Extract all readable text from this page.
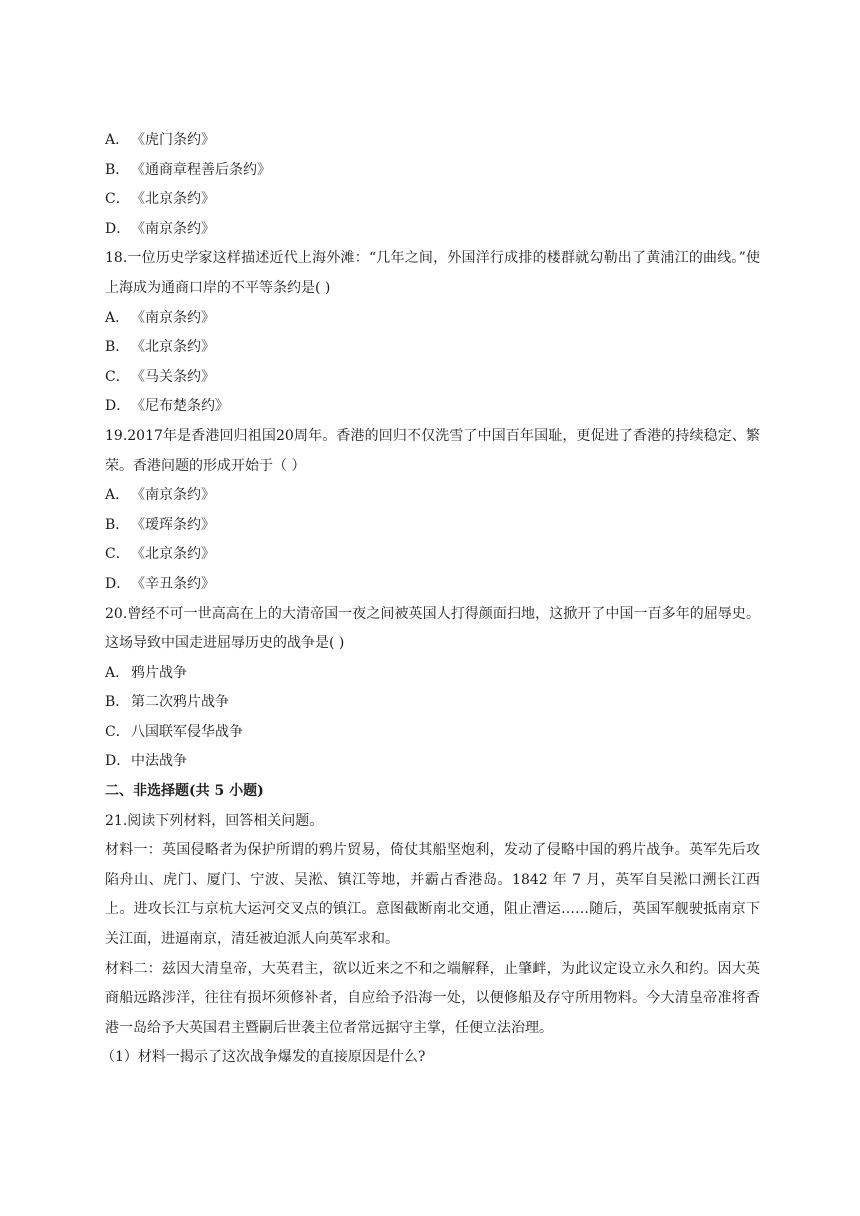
A． 《虎门条约》
B． 《通商章程善后条约》
C． 《北京条约》
D． 《南京条约》
18.一位历史学家这样描述近代上海外滩：“几年之间，外国洋行成排的楼群就勾勒出了黄浦江的曲线。”使上海成为通商口岸的不平等条约是( )
A． 《南京条约》
B． 《北京条约》
C． 《马关条约》
D． 《尼布楚条约》
19.2017年是香港回归祖国20周年。香港的回归不仅洗雪了中国百年国耻，更促进了香港的持续稳定、繁荣。香港问题的形成开始于（ ）
A． 《南京条约》
B． 《瑷珲条约》
C． 《北京条约》
D． 《辛丑条约》
20.曾经不可一世高高在上的大清帝国一夜之间被英国人打得颜面扫地，这掀开了中国一百多年的屈辱史。这场导致中国走进屈辱历史的战争是( )
A． 鸦片战争
B． 第二次鸦片战争
C． 八国联军侵华战争
D． 中法战争
二、非选择题(共 5 小题)
21.阅读下列材料，回答相关问题。
材料一：英国侵略者为保护所谓的鸦片贸易，倚仗其船坚炮利，发动了侵略中国的鸦片战争。英军先后攻陷舟山、虎门、厦门、宁波、吴淞、镇江等地，并霸占香港岛。1842 年 7 月，英军自吴淞口溯长江西上。进攻长江与京杭大运河交叉点的镇江。意图截断南北交通，阻止漕运……随后，英国军舰驶抵南京下关江面，进逼南京，清廷被迫派人向英军求和。
材料二：兹因大清皇帝，大英君主，欲以近来之不和之端解释，止肇衅，为此议定设立永久和约。因大英商船远路涉洋，往往有损坏须修补者，自应给予沿海一处，以便修船及存守所用物料。今大清皇帝准将香港一岛给予大英国君主暨嗣后世袭主位者常远据守主掌，任便立法治理。
（1）材料一揭示了这次战争爆发的直接原因是什么?
